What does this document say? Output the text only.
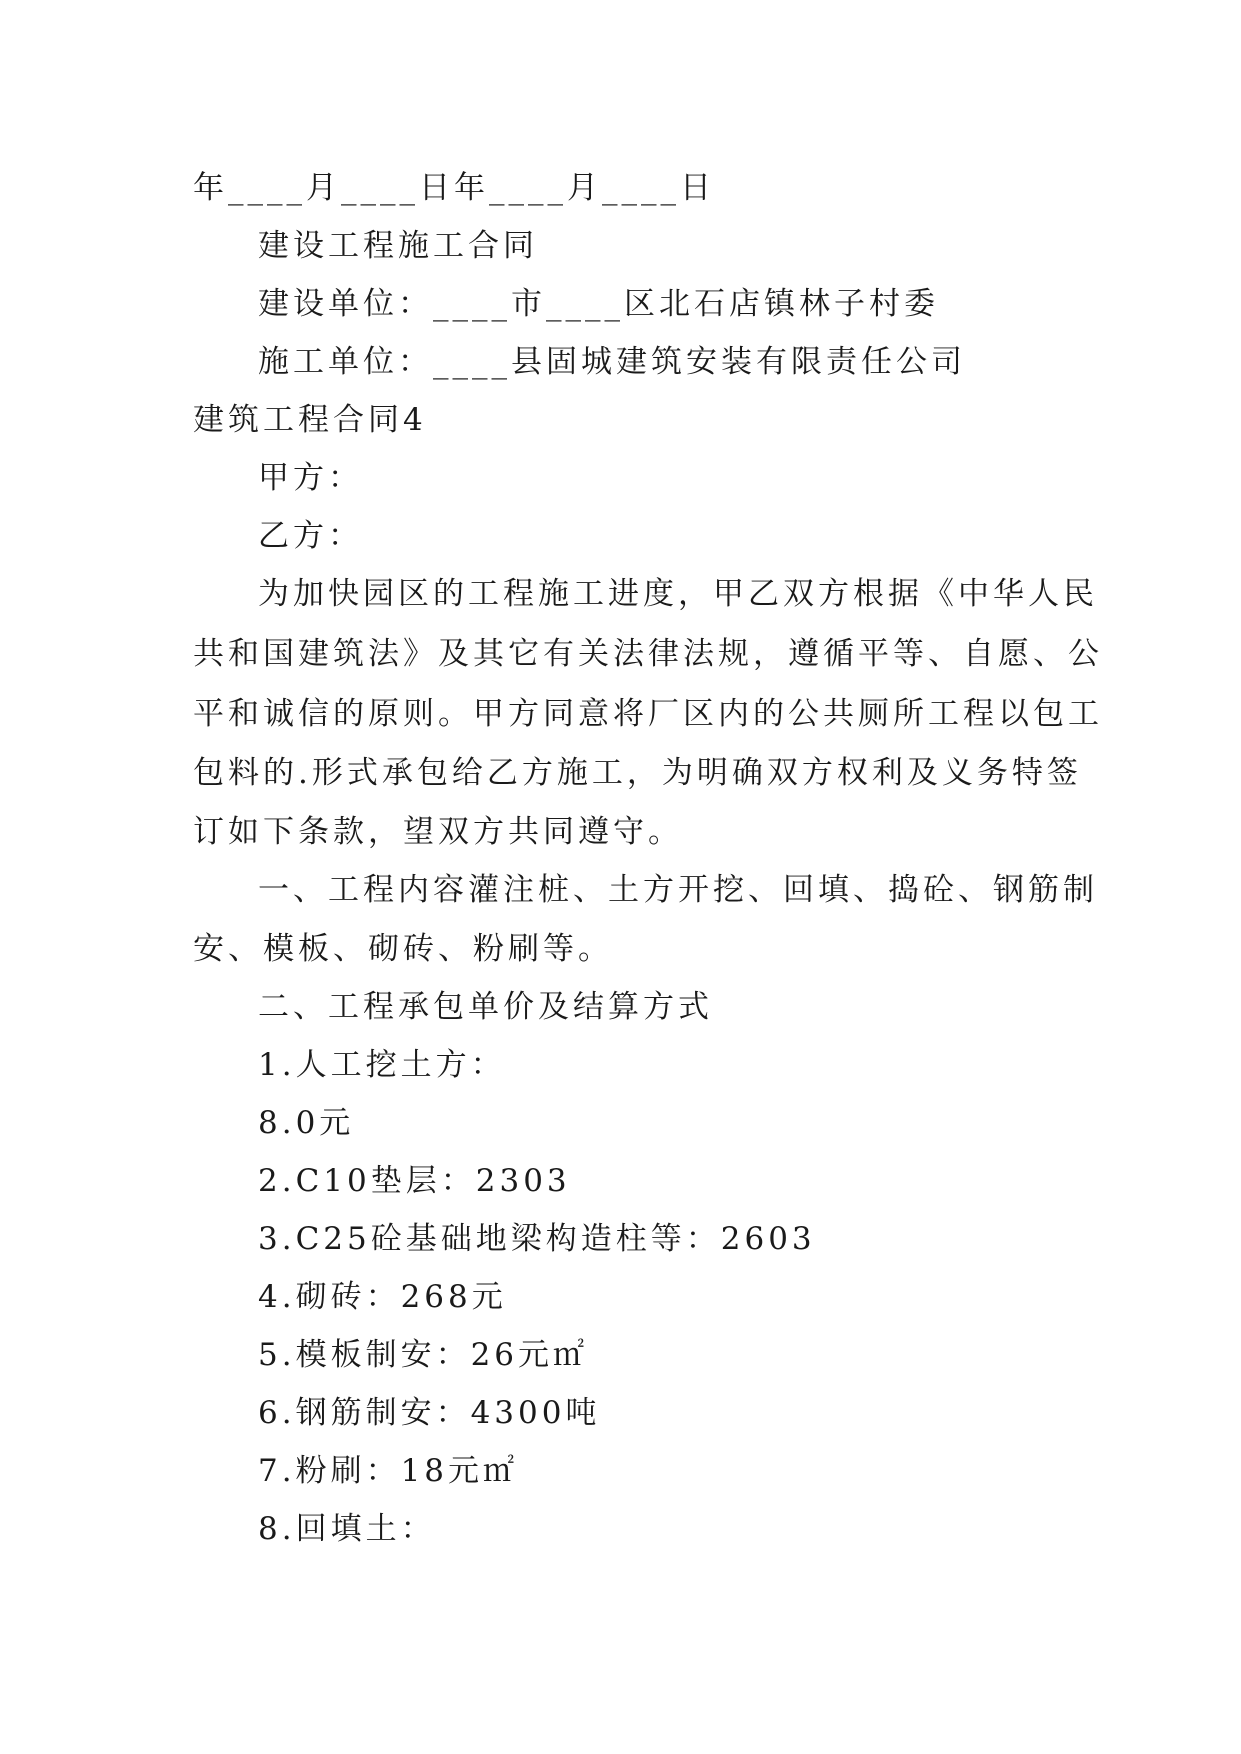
年____月____日年____月____日
建设工程施工合同
建设单位：____市____区北石店镇林子村委
施工单位：____县固城建筑安装有限责任公司
建筑工程合同4
甲方：
乙方：
为加快园区的工程施工进度，甲乙双方根据《中华人民
共和国建筑法》及其它有关法律法规，遵循平等、自愿、公
平和诚信的原则。甲方同意将厂区内的公共厕所工程以包工
包料的.形式承包给乙方施工，为明确双方权利及义务特签
订如下条款，望双方共同遵守。
一、工程内容灌注桩、土方开挖、回填、捣砼、钢筋制
安、模板、砌砖、粉刷等。
二、工程承包单价及结算方式
1.人工挖土方：
8.0元
2.C10垫层：2303
3.C25砼基础地梁构造柱等：2603
4.砌砖：268元
5.模板制安：26元㎡
6.钢筋制安：4300吨
7.粉刷：18元㎡
8.回填土：
